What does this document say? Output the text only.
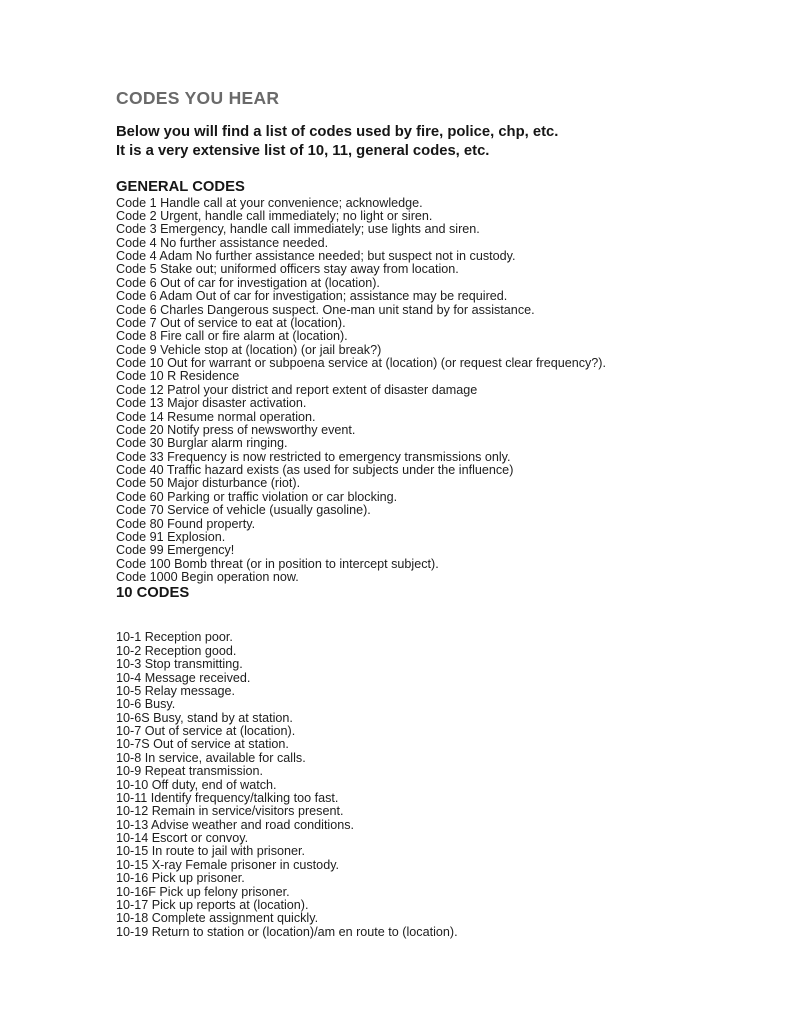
CODES YOU HEAR
Below you will find a list of codes used by fire, police, chp, etc.
It is a very extensive list of 10, 11, general codes, etc.
GENERAL CODES
Code 1 Handle call at your convenience; acknowledge.
Code 2 Urgent, handle call immediately; no light or siren.
Code 3 Emergency, handle call immediately; use lights and siren.
Code 4 No further assistance needed.
Code 4 Adam No further assistance needed; but suspect not in custody.
Code 5 Stake out; uniformed officers stay away from location.
Code 6 Out of car for investigation at (location).
Code 6 Adam Out of car for investigation; assistance may be required.
Code 6 Charles Dangerous suspect. One-man unit stand by for assistance.
Code 7 Out of service to eat at (location).
Code 8 Fire call or fire alarm at (location).
Code 9 Vehicle stop at (location) (or jail break?)
Code 10 Out for warrant or subpoena service at (location) (or request clear frequency?).
Code 10 R Residence
Code 12 Patrol your district and report extent of disaster damage
Code 13 Major disaster activation.
Code 14 Resume normal operation.
Code 20 Notify press of newsworthy event.
Code 30 Burglar alarm ringing.
Code 33 Frequency is now restricted to emergency transmissions only.
Code 40 Traffic hazard exists (as used for subjects under the influence)
Code 50 Major disturbance (riot).
Code 60 Parking or traffic violation or car blocking.
Code 70 Service of vehicle (usually gasoline).
Code 80 Found property.
Code 91 Explosion.
Code 99 Emergency!
Code 100 Bomb threat (or in position to intercept subject).
Code 1000 Begin operation now.
10 CODES
10-1 Reception poor.
10-2 Reception good.
10-3 Stop transmitting.
10-4 Message received.
10-5 Relay message.
10-6 Busy.
10-6S Busy, stand by at station.
10-7 Out of service at (location).
10-7S Out of service at station.
10-8 In service, available for calls.
10-9 Repeat transmission.
10-10 Off duty, end of watch.
10-11 Identify frequency/talking too fast.
10-12 Remain in service/visitors present.
10-13 Advise weather and road conditions.
10-14 Escort or convoy.
10-15 In route to jail with prisoner.
10-15 X-ray Female prisoner in custody.
10-16 Pick up prisoner.
10-16F Pick up felony prisoner.
10-17 Pick up reports at (location).
10-18 Complete assignment quickly.
10-19 Return to station or (location)/am en route to (location).
